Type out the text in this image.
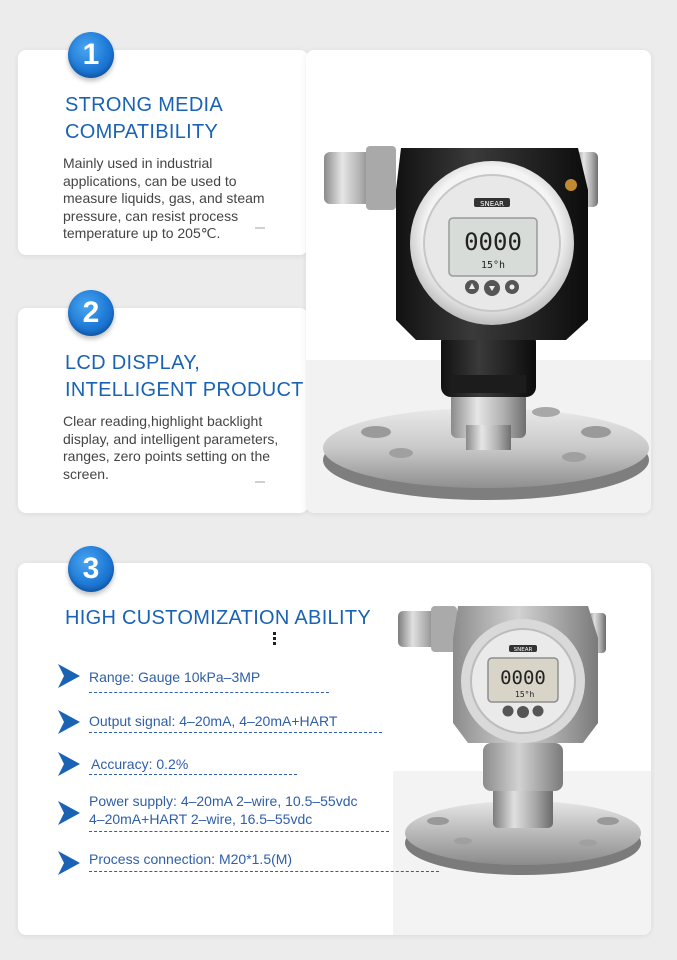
1
STRONG MEDIA
COMPATIBILITY
Mainly used in industrial
applications, can be used to
measure liquids, gas, and steam
pressure, can resist process
temperature up to 205℃.
2
LCD DISPLAY,
INTELLIGENT PRODUCT
Clear reading,highlight backlight
display, and intelligent parameters,
ranges, zero points setting on the
screen.
SNEAR
0000
15°h
SNEAR
0000
15°h
3
HIGH CUSTOMIZATION ABILITY
Range: Gauge 10kPa–3MP
Output signal: 4–20mA, 4–20mA+HART
Accuracy: 0.2%
Power supply: 4–20mA 2–wire, 10.5–55vdc
4–20mA+HART 2–wire, 16.5–55vdc
Process connection: M20*1.5(M)
